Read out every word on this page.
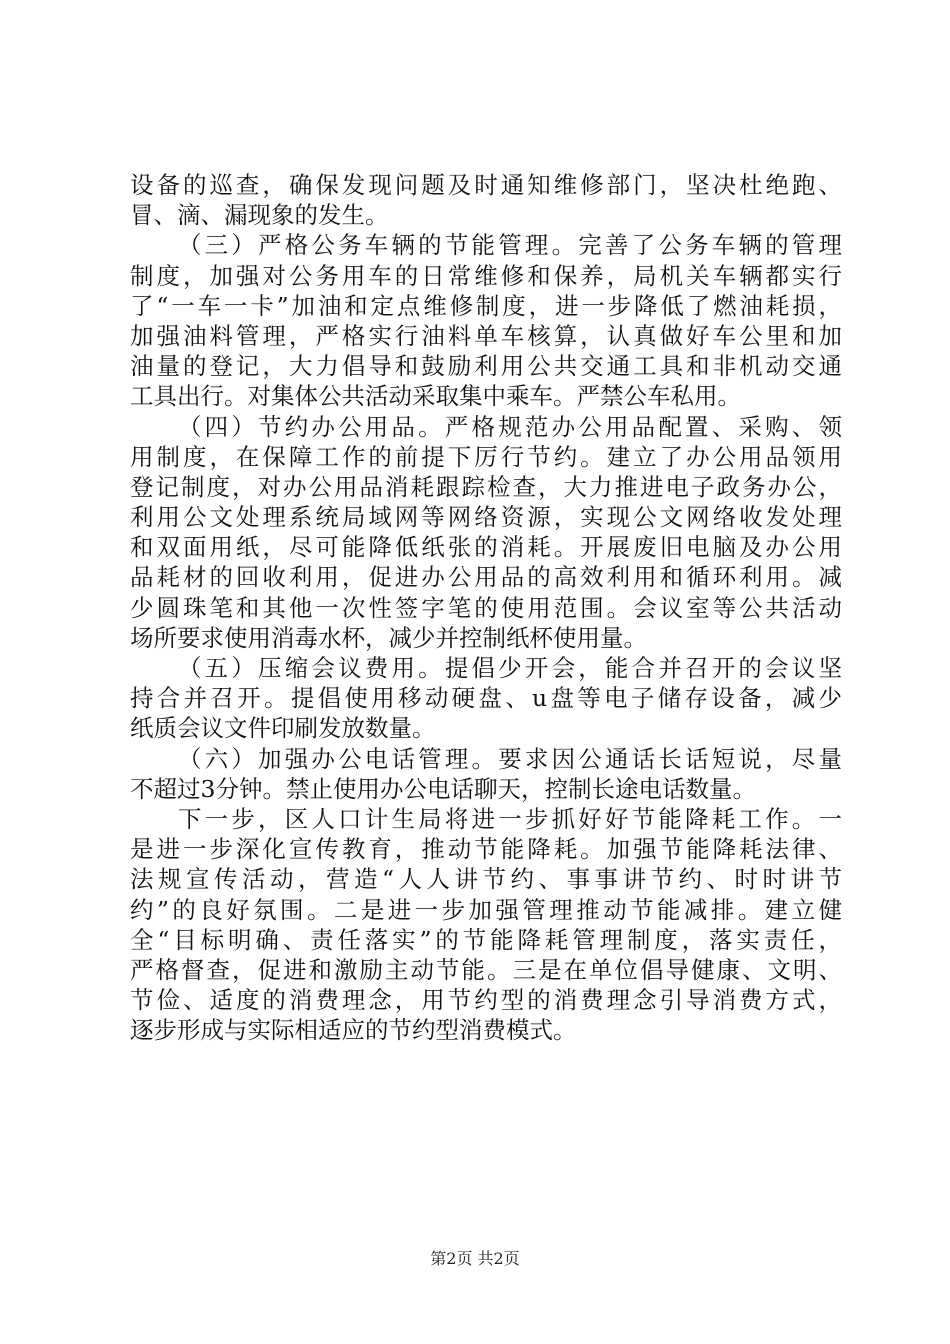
设备的巡查，确保发现问题及时通知维修部门，坚决杜绝跑、
冒、滴、漏现象的发生。
（三）严格公务车辆的节能管理。完善了公务车辆的管理
制度，加强对公务用车的日常维修和保养，局机关车辆都实行
了“一车一卡”加油和定点维修制度，进一步降低了燃油耗损，
加强油料管理，严格实行油料单车核算，认真做好车公里和加
油量的登记，大力倡导和鼓励利用公共交通工具和非机动交通
工具出行。对集体公共活动采取集中乘车。严禁公车私用。
（四）节约办公用品。严格规范办公用品配置、采购、领
用制度，在保障工作的前提下厉行节约。建立了办公用品领用
登记制度，对办公用品消耗跟踪检查，大力推进电子政务办公，
利用公文处理系统局域网等网络资源，实现公文网络收发处理
和双面用纸，尽可能降低纸张的消耗。开展废旧电脑及办公用
品耗材的回收利用，促进办公用品的高效利用和循环利用。减
少圆珠笔和其他一次性签字笔的使用范围。会议室等公共活动
场所要求使用消毒水杯，减少并控制纸杯使用量。
（五）压缩会议费用。提倡少开会，能合并召开的会议坚
持合并召开。提倡使用移动硬盘、u盘等电子储存设备，减少
纸质会议文件印刷发放数量。
（六）加强办公电话管理。要求因公通话长话短说，尽量
不超过3分钟。禁止使用办公电话聊天，控制长途电话数量。
下一步，区人口计生局将进一步抓好好节能降耗工作。一
是进一步深化宣传教育，推动节能降耗。加强节能降耗法律、
法规宣传活动，营造“人人讲节约、事事讲节约、时时讲节
约”的良好氛围。二是进一步加强管理推动节能减排。建立健
全“目标明确、责任落实”的节能降耗管理制度，落实责任，
严格督查，促进和激励主动节能。三是在单位倡导健康、文明、
节俭、适度的消费理念，用节约型的消费理念引导消费方式，
逐步形成与实际相适应的节约型消费模式。
第2页 共2页
